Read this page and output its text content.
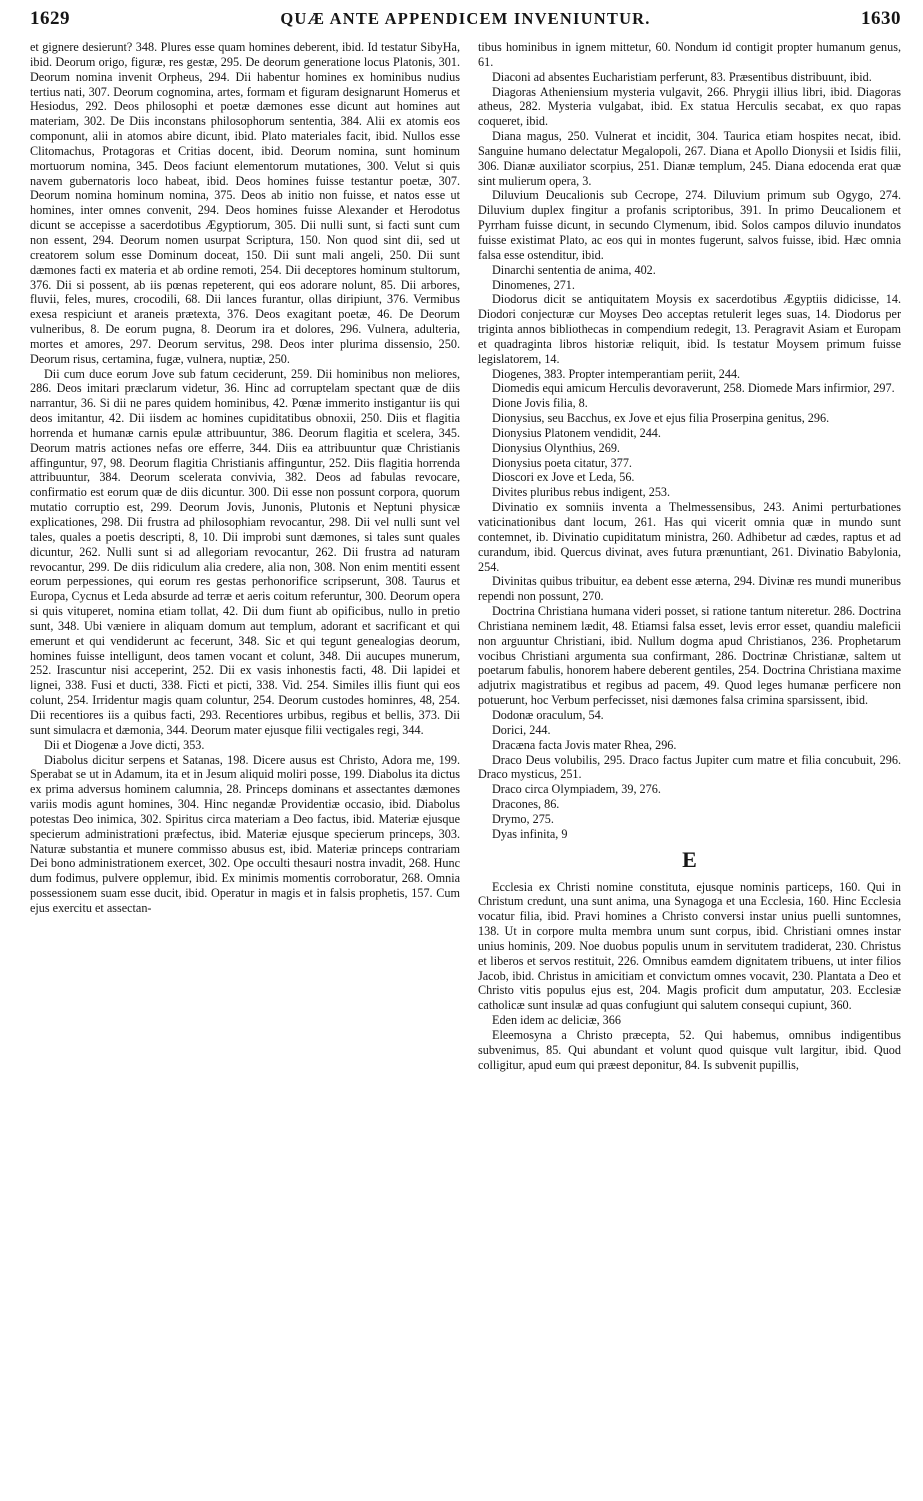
1629	QUÆ ANTE APPENDICEM INVENIUNTUR.	1630

et gignere desierunt? 348. Plures esse quam homines deberent, ibid. Id testatur SibyHa, ibid. Deorum origo, figuræ, res gestæ, 295. De deorum generatione locus Platonis, 301. Deorum nomina invenit Orpheus, 294. Dii habentur homines ex hominibus nudius tertius nati, 307. Deorum cognomina, artes, formam et figuram designarunt Homerus et Hesiodus, 292. Deos philosophi et poetæ dæmones esse dicunt aut homines aut materiam, 302. De Diis inconstans philosophorum sententia, 384. Alii ex atomis eos componunt, alii in atomos abire dicunt, ibid. Plato materiales facit, ibid. Nullos esse Clitomachus, Protagoras et Critias docent, ibid. Deorum nomina, sunt hominum mortuorum nomina, 345. Deos faciunt elementorum mutationes, 300. Velut si quis navem gubernatoris loco habeat, ibid. Deos homines fuisse testantur poetæ, 307. Deorum nomina hominum nomina, 375. Deos ab initio non fuisse, et natos esse ut homines, inter omnes convenit, 294. Deos homines fuisse Alexander et Herodotus dicunt se accepisse a sacerdotibus Ægyptiorum, 305. Dii nulli sunt, si facti sunt cum non essent, 294. Deorum nomen usurpat Scriptura, 150. Non quod sint dii, sed ut creatorem solum esse Dominum doceat, 150. Dii sunt mali angeli, 250. Dii sunt dæmones facti ex materia et ab ordine remoti, 254. Dii deceptores hominum stultorum, 376. Dii si possent, ab iis pœnas repeterent, qui eos adorare nolunt, 85. Dii arbores, fluvii, feles, mures, crocodili, 68. Dii lances furantur, ollas diripiunt, 376. Vermibus exesa respiciunt et araneis prætexta, 376. Deos exagitant poetæ, 46. De Deorum vulneribus, 8. De eorum pugna, 8. Deorum ira et dolores, 296. Vulnera, adulteria, mortes et amores, 297. Deorum servitus, 298. Deos inter plurima dissensio, 250. Deorum risus, certamina, fugæ, vulnera, nuptiæ, 250.

Dii cum duce eorum Jove sub fatum ceciderunt, 259. Dii hominibus non meliores, 286. Deos imitari præclarum videtur, 36. Hinc ad corruptelam spectant quæ de diis narrantur, 36. Si dii ne pares quidem hominibus, 42. Pœnæ immerito instigantur iis qui deos imitantur, 42. Dii iisdem ac homines cupiditatibus obnoxii, 250. Diis et flagitia horrenda et humanæ carnis epulæ attribuuntur, 386. Deorum flagitia et scelera, 345. Deorum matris actiones nefas ore efferre, 344. Diis ea attribuuntur quæ Christianis affinguntur, 97, 98. Deorum flagitia Christianis affinguntur, 252. Diis flagitia horrenda attribuuntur, 384. Deorum scelerata convivia, 382. Deos ad fabulas revocare, confirmatio est eorum quæ de diis dicuntur. 300. Dii esse non possunt corpora, quorum mutatio corruptio est, 299. Deorum Jovis, Junonis, Plutonis et Neptuni physicæ explicationes, 298. Dii frustra ad philosophiam revocantur, 298. Dii vel nulli sunt vel tales, quales a poetis descripti, 8, 10. Dii improbi sunt dæmones, si tales sunt quales dicuntur, 262. Nulli sunt si ad allegoriam revocantur, 262. Dii frustra ad naturam revocantur, 299. De diis ridiculum alia credere, alia non, 308. Non enim mentiti essent eorum perpessiones, qui eorum res gestas perhonorifice scripserunt, 308. Taurus et Europa, Cycnus et Leda absurde ad terræ et aeris coitum referuntur, 300. Deorum opera si quis vituperet, nomina etiam tollat, 42. Dii dum fiunt ab opificibus, nullo in pretio sunt, 348. Ubi væniere in aliquam domum aut templum, adorant et sacrificant et qui emerunt et qui vendiderunt ac fecerunt, 348. Sic et qui tegunt genealogias deorum, homines fuisse intelligunt, deos tamen vocant et colunt, 348. Dii aucupes munerum, 252. Irascuntur nisi acceperint, 252. Dii ex vasis inhonestis facti, 48. Dii lapidei et lignei, 338. Fusi et ducti, 338. Ficti et picti, 338. Vid. 254. Similes illis fiunt qui eos colunt, 254. Irridentur magis quam coluntur, 254. Deorum custodes hominres, 48, 254. Dii recentiores iis a quibus facti, 293. Recentiores urbibus, regibus et bellis, 373. Dii sunt simulacra et dæmonia, 344. Deorum mater ejusque filii vectigales regi, 344.

Dii et Diogenæ a Jove dicti, 353.

Diabolus dicitur serpens et Satanas, 198. Dicere ausus est Christo, Adora me, 199. Sperabat se ut in Adamum, ita et in Jesum aliquid moliri posse, 199. Diabolus ita dictus ex prima adversus hominem calumnia, 28. Princeps dominans et assectantes dæmones variis modis agunt homines, 304. Hinc negandæ Providentiæ occasio, ibid. Diabolus potestas Deo inimica, 302. Spiritus circa materiam a Deo factus, ibid. Materiæ ejusque specierum administrationi præfectus, ibid. Materiæ ejusque specierum princeps, 303. Naturæ substantia et munere commisso abusus est, ibid. Materiæ princeps contrariam Dei bono administrationem exercet, 302. Ope occulti thesauri nostra invadit, 268. Hunc dum fodimus, pulvere opplemur, ibid. Ex minimis momentis corroboratur, 268. Omnia possessionem suam esse ducit, ibid. Operatur in magis et in falsis prophetis, 157. Cum ejus exercitu et assectan-

tibus hominibus in ignem mittetur, 60. Nondum id contigit propter humanum genus, 61.

Diaconi ad absentes Eucharistiam perferunt, 83. Præsentibus distribuunt, ibid.

Diagoras Atheniensium mysteria vulgavit, 266. Phrygii illius libri, ibid. Diagoras atheus, 282. Mysteria vulgabat, ibid. Ex statua Herculis secabat, ex quo rapas coqueret, ibid.

Diana magus, 250. Vulnerat et incidit, 304. Taurica etiam hospites necat, ibid. Sanguine humano delectatur Megalopoli, 267. Diana et Apollo Dionysii et Isidis filii, 306. Dianæ auxiliator scorpius, 251. Dianæ templum, 245. Diana edocenda erat quæ sint mulierum opera, 3.

Diluvium Deucalionis sub Cecrope, 274. Diluvium primum sub Ogygo, 274. Diluvium duplex fingitur a profanis scriptoribus, 391. In primo Deucalionem et Pyrrham fuisse dicunt, in secundo Clymenum, ibid. Solos campos diluvio inundatos fuisse existimat Plato, ac eos qui in montes fugerunt, salvos fuisse, ibid. Hæc omnia falsa esse ostenditur, ibid.

Dinarchi sententia de anima, 402.

Dinomenes, 271.

Diodorus dicit se antiquitatem Moysis ex sacerdotibus Ægyptiis didicisse, 14. Diodori conjecturæ cur Moyses Deo acceptas retulerit leges suas, 14. Diodorus per triginta annos bibliothecas in compendium redegit, 13. Peragravit Asiam et Europam et quadraginta libros historiæ reliquit, ibid. Is testatur Moysem primum fuisse legislatorem, 14.

Diogenes, 383. Propter intemperantiam periit, 244.

Diomedis equi amicum Herculis devoraverunt, 258. Diomede Mars infirmior, 297.

Dione Jovis filia, 8.

Dionysius, seu Bacchus, ex Jove et ejus filia Proserpina genitus, 296.

Dionysius Platonem vendidit, 244.

Dionysius Olynthius, 269.

Dionysius poeta citatur, 377.

Dioscori ex Jove et Leda, 56.

Divites pluribus rebus indigent, 253.

Divinatio ex somniis inventa a Thelmessensibus, 243. Animi perturbationes vaticinationibus dant locum, 261. Has qui vicerit omnia quæ in mundo sunt contemnet, ib. Divinatio cupiditatum ministra, 260. Adhibetur ad cædes, raptus et ad curandum, ibid. Quercus divinat, aves futura prænuntiant, 261. Divinatio Babylonia, 254.

Divinitas quibus tribuitur, ea debent esse æterna, 294. Divinæ res mundi muneribus rependi non possunt, 270.

Doctrina Christiana humana videri posset, si ratione tantum niteretur. 286. Doctrina Christiana neminem lædit, 48. Etiamsi falsa esset, levis error esset, quandiu maleficii non arguuntur Christiani, ibid. Nullum dogma apud Christianos, 236. Prophetarum vocibus Christiani argumenta sua confirmant, 286. Doctrinæ Christianæ, saltem ut poetarum fabulis, honorem habere deberent gentiles, 254. Doctrina Christiana maxime adjutrix magistratibus et regibus ad pacem, 49. Quod leges humanæ perficere non potuerunt, hoc Verbum perfecisset, nisi dæmones falsa crimina sparsissent, ibid.

Dodonæ oraculum, 54.

Dorici, 244.

Dracæna facta Jovis mater Rhea, 296.

Draco Deus volubilis, 295. Draco factus Jupiter cum matre et filia concubuit, 296. Draco mysticus, 251.

Draco circa Olympiadem, 39, 276.

Dracones, 86.

Drymo, 275.

Dyas infinita, 9

E

Ecclesia ex Christi nomine constituta, ejusque nominis particeps, 160. Qui in Christum credunt, una sunt anima, una Synagoga et una Ecclesia, 160. Hinc Ecclesia vocatur filia, ibid. Pravi homines a Christo conversi instar unius puelli suntomnes, 138. Ut in corpore multa membra unum sunt corpus, ibid. Christiani omnes instar unius hominis, 209. Noe duobus populis unum in servitutem tradiderat, 230. Christus et liberos et servos restituit, 226. Omnibus eamdem dignitatem tribuens, ut inter filios Jacob, ibid. Christus in amicitiam et convictum omnes vocavit, 230. Plantata a Deo et Christo vitis populus ejus est, 204. Magis proficit dum amputatur, 203. Ecclesiæ catholicæ sunt insulæ ad quas confugiunt qui salutem consequi cupiunt, 360.

Eden idem ac deliciæ, 366

Eleemosyna a Christo præcepta, 52. Qui habemus, omnibus indigentibus subvenimus, 85. Qui abundant et volunt quod quisque vult largitur, ibid. Quod colligitur, apud eum qui præest deponitur, 84. Is subvenit pupillis,
